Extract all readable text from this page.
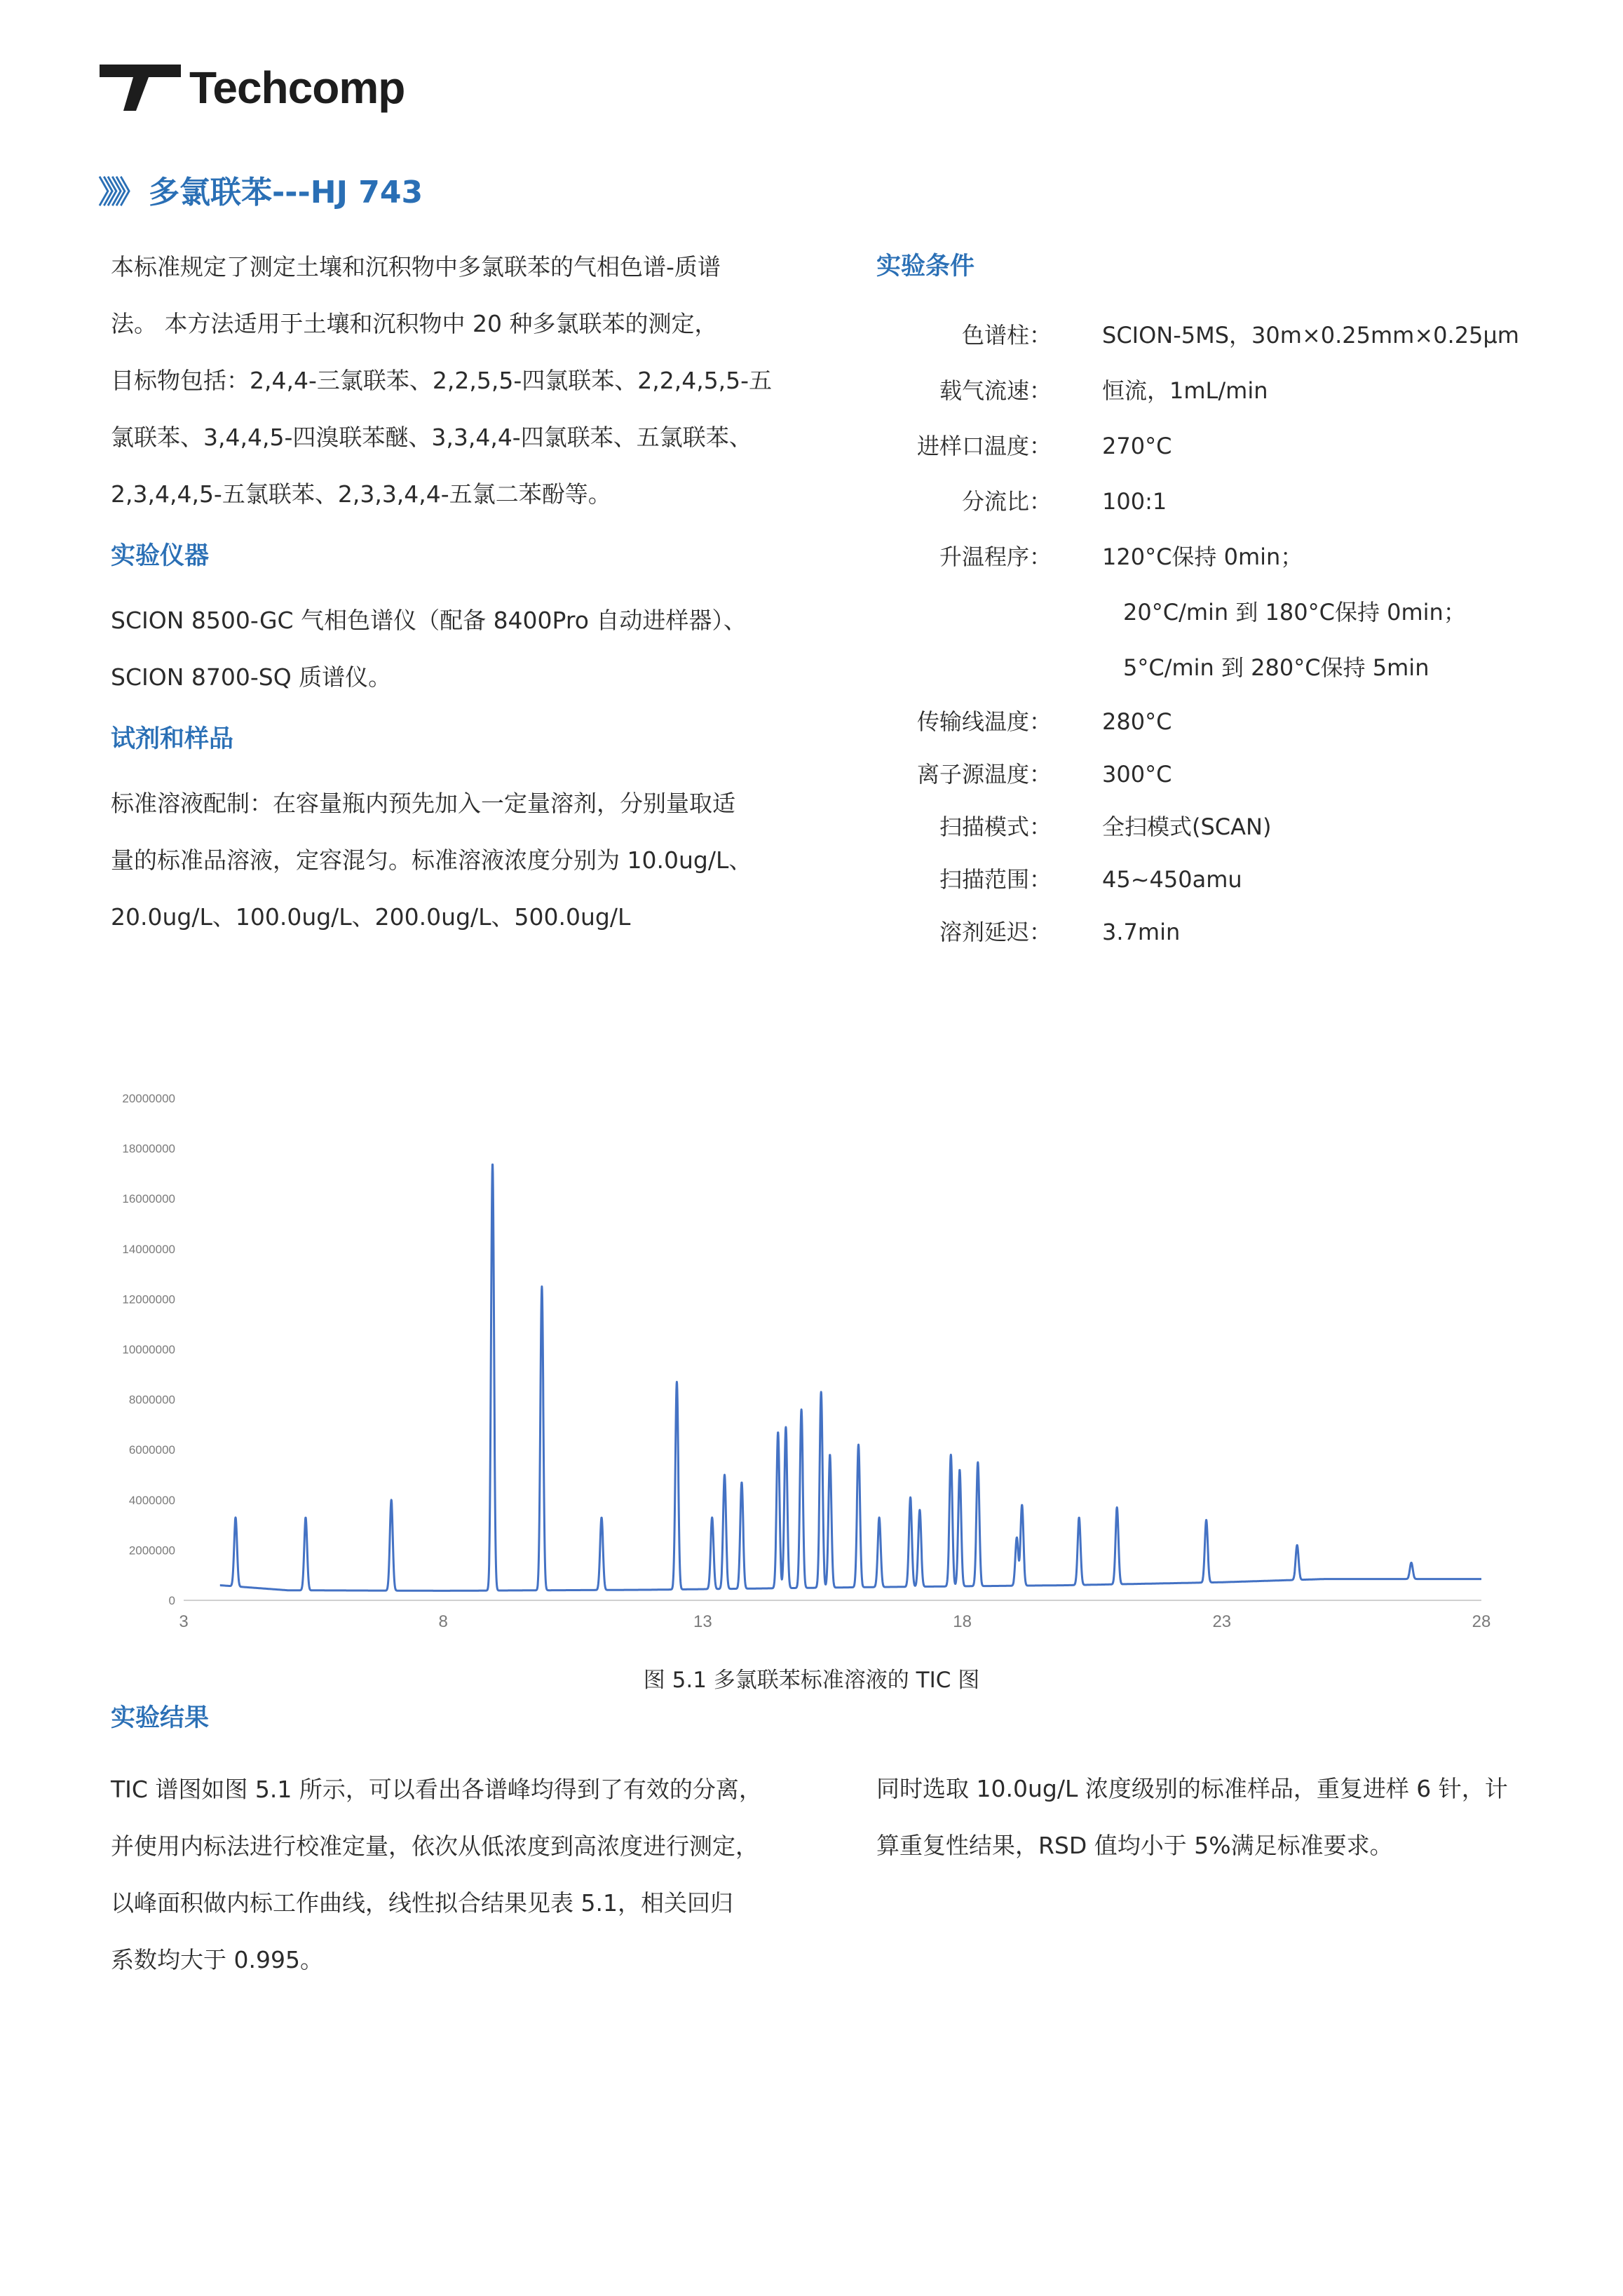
Techcomp
》》》 多氯联苯---HJ 743

本标准规定了测定土壤和沉积物中多氯联苯的气相色谱-质谱

法。 本方法适用于土壤和沉积物中 20 种多氯联苯的测定，

目标物包括：2,4,4-三氯联苯、2,2,5,5-四氯联苯、2,2,4,5,5-五

氯联苯、3,4,4,5-四溴联苯醚、3,3,4,4-四氯联苯、五氯联苯、

2,3,4,4,5-五氯联苯、2,3,3,4,4-五氯二苯酚等。

实验仪器

SCION 8500-GC 气相色谱仪（配备 8400Pro 自动进样器）、

SCION 8700-SQ 质谱仪。

试剂和样品

标准溶液配制：在容量瓶内预先加入一定量溶剂，分别量取适

量的标准品溶液，定容混匀。标准溶液浓度分别为 10.0ug/L、

20.0ug/L、100.0ug/L、200.0ug/L、500.0ug/L

实验条件
色谱柱：	SCION-5MS，30m×0.25mm×0.25μm
载气流速：	恒流，1mL/min
进样口温度：	270°C
分流比：	100:1
升温程序：	120°C保持 0min；
20°C/min 到 180°C保持 0min；
5°C/min 到 280°C保持 5min
传输线温度：	280°C
离子源温度：	300°C
扫描模式：	全扫模式(SCAN)
扫描范围：	45~450amu
溶剂延迟：	3.7min
0
2000000
4000000
6000000
8000000
10000000
12000000
14000000
16000000
18000000
20000000
3	8	13	18	23	28
图 5.1 多氯联苯标准溶液的 TIC 图
实验结果

TIC 谱图如图 5.1 所示，可以看出各谱峰均得到了有效的分离，

并使用内标法进行校准定量，依次从低浓度到高浓度进行测定，

以峰面积做内标工作曲线，线性拟合结果见表 5.1，相关回归

系数均大于 0.995。

同时选取 10.0ug/L 浓度级别的标准样品，重复进样 6 针，计

算重复性结果，RSD 值均小于 5%满足标准要求。
